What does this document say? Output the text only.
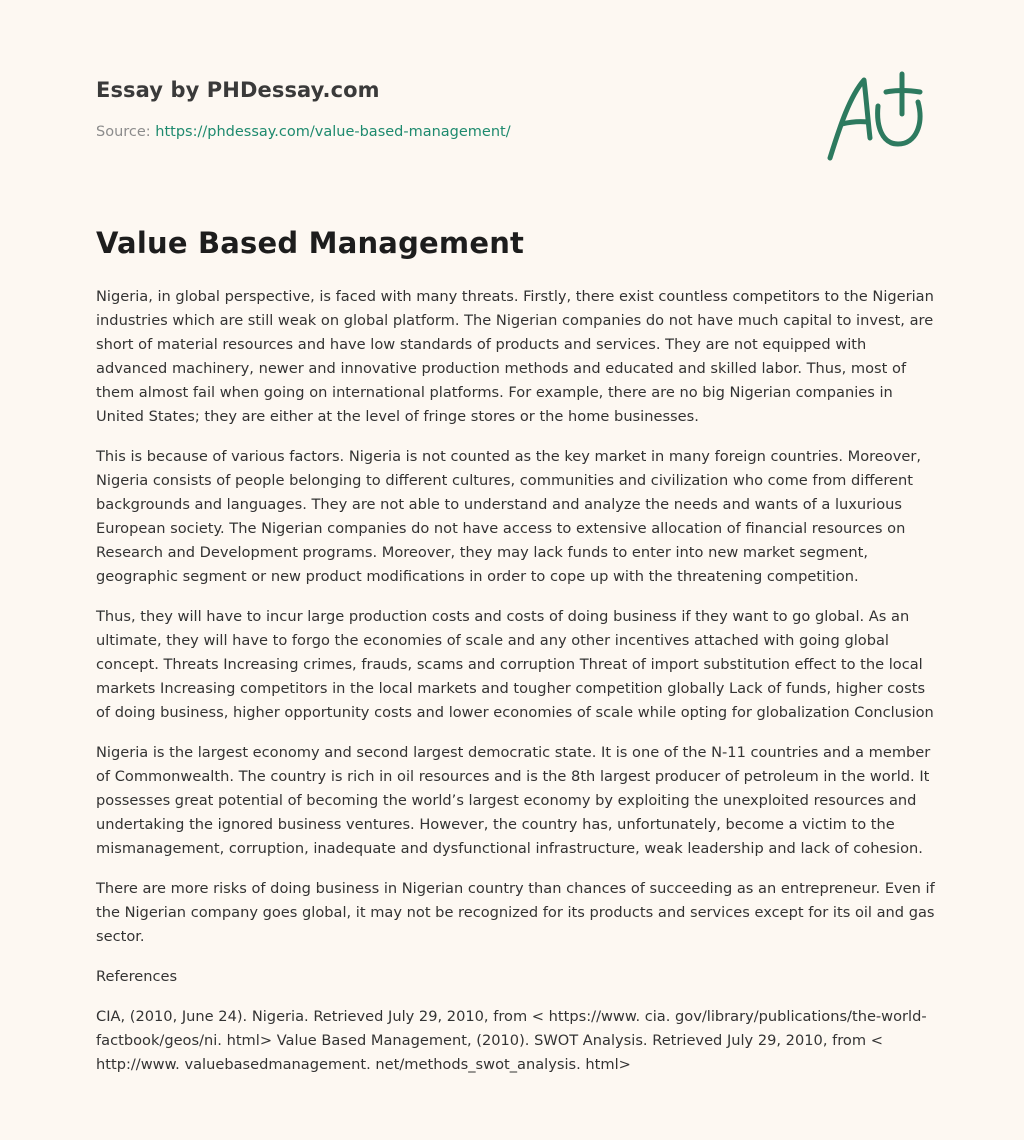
Essay by PHDessay.com
Source: https://phdessay.com/value-based-management/
Value Based Management

Nigeria, in global perspective, is faced with many threats. Firstly, there exist countless competitors to the Nigerian industries which are still weak on global platform. The Nigerian companies do not have much capital to invest, are short of material resources and have low standards of products and services. They are not equipped with advanced machinery, newer and innovative production methods and educated and skilled labor. Thus, most of them almost fail when going on international platforms. For example, there are no big Nigerian companies in United States; they are either at the level of fringe stores or the home businesses.

This is because of various factors. Nigeria is not counted as the key market in many foreign countries. Moreover, Nigeria consists of people belonging to different cultures, communities and civilization who come from different backgrounds and languages. They are not able to understand and analyze the needs and wants of a luxurious European society. The Nigerian companies do not have access to extensive allocation of financial resources on Research and Development programs. Moreover, they may lack funds to enter into new market segment, geographic segment or new product modifications in order to cope up with the threatening competition.

Thus, they will have to incur large production costs and costs of doing business if they want to go global. As an ultimate, they will have to forgo the economies of scale and any other incentives attached with going global concept. Threats Increasing crimes, frauds, scams and corruption Threat of import substitution effect to the local markets Increasing competitors in the local markets and tougher competition globally Lack of funds, higher costs of doing business, higher opportunity costs and lower economies of scale while opting for globalization Conclusion

Nigeria is the largest economy and second largest democratic state. It is one of the N-11 countries and a member of Commonwealth. The country is rich in oil resources and is the 8th largest producer of petroleum in the world. It possesses great potential of becoming the world’s largest economy by exploiting the unexploited resources and undertaking the ignored business ventures. However, the country has, unfortunately, become a victim to the mismanagement, corruption, inadequate and dysfunctional infrastructure, weak leadership and lack of cohesion.

There are more risks of doing business in Nigerian country than chances of succeeding as an entrepreneur. Even if the Nigerian company goes global, it may not be recognized for its products and services except for its oil and gas sector.

References

CIA, (2010, June 24). Nigeria. Retrieved July 29, 2010, from < https://www. cia. gov/library/publications/the-world-factbook/geos/ni. html> Value Based Management, (2010). SWOT Analysis. Retrieved July 29, 2010, from < http://www. valuebasedmanagement. net/methods_swot_analysis. html>
